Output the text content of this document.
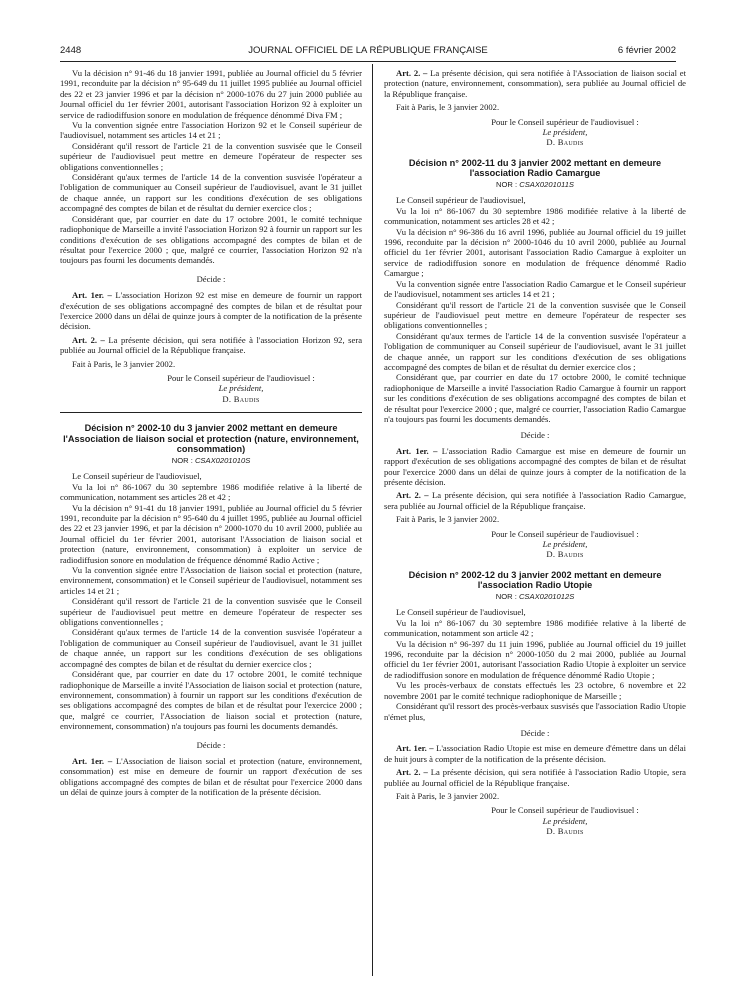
2448	JOURNAL OFFICIEL DE LA RÉPUBLIQUE FRANÇAISE	6 février 2002

Vu la décision n° 91-46 du 18 janvier 1991, publiée au Journal officiel du 5 février 1991, reconduite par la décision n° 95-649 du 11 juillet 1995 publiée au Journal officiel des 22 et 23 janvier 1996 et par la décision n° 2000-1076 du 27 juin 2000 publiée au Journal officiel du 1er février 2001, autorisant l'association Horizon 92 à exploiter un service de radiodiffusion sonore en modulation de fréquence dénommé Diva FM ;

Vu la convention signée entre l'association Horizon 92 et le Conseil supérieur de l'audiovisuel, notamment ses articles 14 et 21 ;

Considérant qu'il ressort de l'article 21 de la convention susvisée que le Conseil supérieur de l'audiovisuel peut mettre en demeure l'opérateur de respecter ses obligations conventionnelles ;

Considérant qu'aux termes de l'article 14 de la convention susvisée l'opérateur a l'obligation de communiquer au Conseil supérieur de l'audiovisuel, avant le 31 juillet de chaque année, un rapport sur les conditions d'exécution de ses obligations accompagné des comptes de bilan et de résultat du dernier exercice clos ;

Considérant que, par courrier en date du 17 octobre 2001, le comité technique radiophonique de Marseille a invité l'association Horizon 92 à fournir un rapport sur les conditions d'exécution de ses obligations accompagné des comptes de bilan et de résultat pour l'exercice 2000 ; que, malgré ce courrier, l'association Horizon 92 n'a toujours pas fourni les documents demandés.

Décide :

Art. 1er. – L'association Horizon 92 est mise en demeure de fournir un rapport d'exécution de ses obligations accompagné des comptes de bilan et de résultat pour l'exercice 2000 dans un délai de quinze jours à compter de la notification de la présente décision.

Art. 2. – La présente décision, qui sera notifiée à l'association Horizon 92, sera publiée au Journal officiel de la République française.

Fait à Paris, le 3 janvier 2002.

Pour le Conseil supérieur de l'audiovisuel :

Le président,

D. Baudis

Décision n° 2002-10 du 3 janvier 2002 mettant en demeure l'Association de liaison social et protection (nature, environnement, consommation)

NOR : CSAX0201010S

Le Conseil supérieur de l'audiovisuel,

Vu la loi n° 86-1067 du 30 septembre 1986 modifiée relative à la liberté de communication, notamment ses articles 28 et 42 ;

Vu la décision n° 91-41 du 18 janvier 1991, publiée au Journal officiel du 5 février 1991, reconduite par la décision n° 95-640 du 4 juillet 1995, publiée au Journal officiel des 22 et 23 janvier 1996, et par la décision n° 2000-1070 du 10 avril 2000, publiée au Journal officiel du 1er février 2001, autorisant l'Association de liaison social et protection (nature, environnement, consommation) à exploiter un service de radiodiffusion sonore en modulation de fréquence dénommé Radio Active ;

Vu la convention signée entre l'Association de liaison social et protection (nature, environnement, consommation) et le Conseil supérieur de l'audiovisuel, notamment ses articles 14 et 21 ;

Considérant qu'il ressort de l'article 21 de la convention susvisée que le Conseil supérieur de l'audiovisuel peut mettre en demeure l'opérateur de respecter ses obligations conventionnelles ;

Considérant qu'aux termes de l'article 14 de la convention susvisée l'opérateur a l'obligation de communiquer au Conseil supérieur de l'audiovisuel, avant le 31 juillet de chaque année, un rapport sur les conditions d'exécution de ses obligations accompagné des comptes de bilan et de résultat du dernier exercice clos ;

Considérant que, par courrier en date du 17 octobre 2001, le comité technique radiophonique de Marseille a invité l'Association de liaison social et protection (nature, environnement, consommation) à fournir un rapport sur les conditions d'exécution de ses obligations accompagné des comptes de bilan et de résultat pour l'exercice 2000 ; que, malgré ce courrier, l'Association de liaison social et protection (nature, environnement, consommation) n'a toujours pas fourni les documents demandés.

Décide :

Art. 1er. – L'Association de liaison social et protection (nature, environnement, consommation) est mise en demeure de fournir un rapport d'exécution de ses obligations accompagné des comptes de bilan et de résultat pour l'exercice 2000 dans un délai de quinze jours à compter de la notification de la présente décision.

Art. 2. – La présente décision, qui sera notifiée à l'Association de liaison social et protection (nature, environnement, consommation), sera publiée au Journal officiel de la République française.

Fait à Paris, le 3 janvier 2002.

Pour le Conseil supérieur de l'audiovisuel :

Le président,

D. Baudis

Décision n° 2002-11 du 3 janvier 2002 mettant en demeure l'association Radio Camargue

NOR : CSAX0201011S

Le Conseil supérieur de l'audiovisuel,

Vu la loi n° 86-1067 du 30 septembre 1986 modifiée relative à la liberté de communication, notamment ses articles 28 et 42 ;

Vu la décision n° 96-386 du 16 avril 1996, publiée au Journal officiel du 19 juillet 1996, reconduite par la décision n° 2000-1046 du 10 avril 2000, publiée au Journal officiel du 1er février 2001, autorisant l'association Radio Camargue à exploiter un service de radiodiffusion sonore en modulation de fréquence dénommé Radio Camargue ;

Vu la convention signée entre l'association Radio Camargue et le Conseil supérieur de l'audiovisuel, notamment ses articles 14 et 21 ;

Considérant qu'il ressort de l'article 21 de la convention susvisée que le Conseil supérieur de l'audiovisuel peut mettre en demeure l'opérateur de respecter ses obligations conventionnelles ;

Considérant qu'aux termes de l'article 14 de la convention susvisée l'opérateur a l'obligation de communiquer au Conseil supérieur de l'audiovisuel, avant le 31 juillet de chaque année, un rapport sur les conditions d'exécution de ses obligations accompagné des comptes de bilan et de résultat du dernier exercice clos ;

Considérant que, par courrier en date du 17 octobre 2000, le comité technique radiophonique de Marseille a invité l'association Radio Camargue à fournir un rapport sur les conditions d'exécution de ses obligations accompagné des comptes de bilan et de résultat pour l'exercice 2000 ; que, malgré ce courrier, l'association Radio Camargue n'a toujours pas fourni les documents demandés.

Décide :

Art. 1er. – L'association Radio Camargue est mise en demeure de fournir un rapport d'exécution de ses obligations accompagné des comptes de bilan et de résultat pour l'exercice 2000 dans un délai de quinze jours à compter de la notification de la présente décision.

Art. 2. – La présente décision, qui sera notifiée à l'association Radio Camargue, sera publiée au Journal officiel de la République française.

Fait à Paris, le 3 janvier 2002.

Pour le Conseil supérieur de l'audiovisuel :

Le président,

D. Baudis

Décision n° 2002-12 du 3 janvier 2002 mettant en demeure l'association Radio Utopie

NOR : CSAX0201012S

Le Conseil supérieur de l'audiovisuel,

Vu la loi n° 86-1067 du 30 septembre 1986 modifiée relative à la liberté de communication, notamment son article 42 ;

Vu la décision n° 96-397 du 11 juin 1996, publiée au Journal officiel du 19 juillet 1996, reconduite par la décision n° 2000-1050 du 2 mai 2000, publiée au Journal officiel du 1er février 2001, autorisant l'association Radio Utopie à exploiter un service de radiodiffusion sonore en modulation de fréquence dénommé Radio Utopie ;

Vu les procès-verbaux de constats effectués les 23 octobre, 6 novembre et 22 novembre 2001 par le comité technique radiophonique de Marseille ;

Considérant qu'il ressort des procès-verbaux susvisés que l'association Radio Utopie n'émet plus,

Décide :

Art. 1er. – L'association Radio Utopie est mise en demeure d'émettre dans un délai de huit jours à compter de la notification de la présente décision.

Art. 2. – La présente décision, qui sera notifiée à l'association Radio Utopie, sera publiée au Journal officiel de la République française.

Fait à Paris, le 3 janvier 2002.

Pour le Conseil supérieur de l'audiovisuel :

Le président,

D. Baudis
